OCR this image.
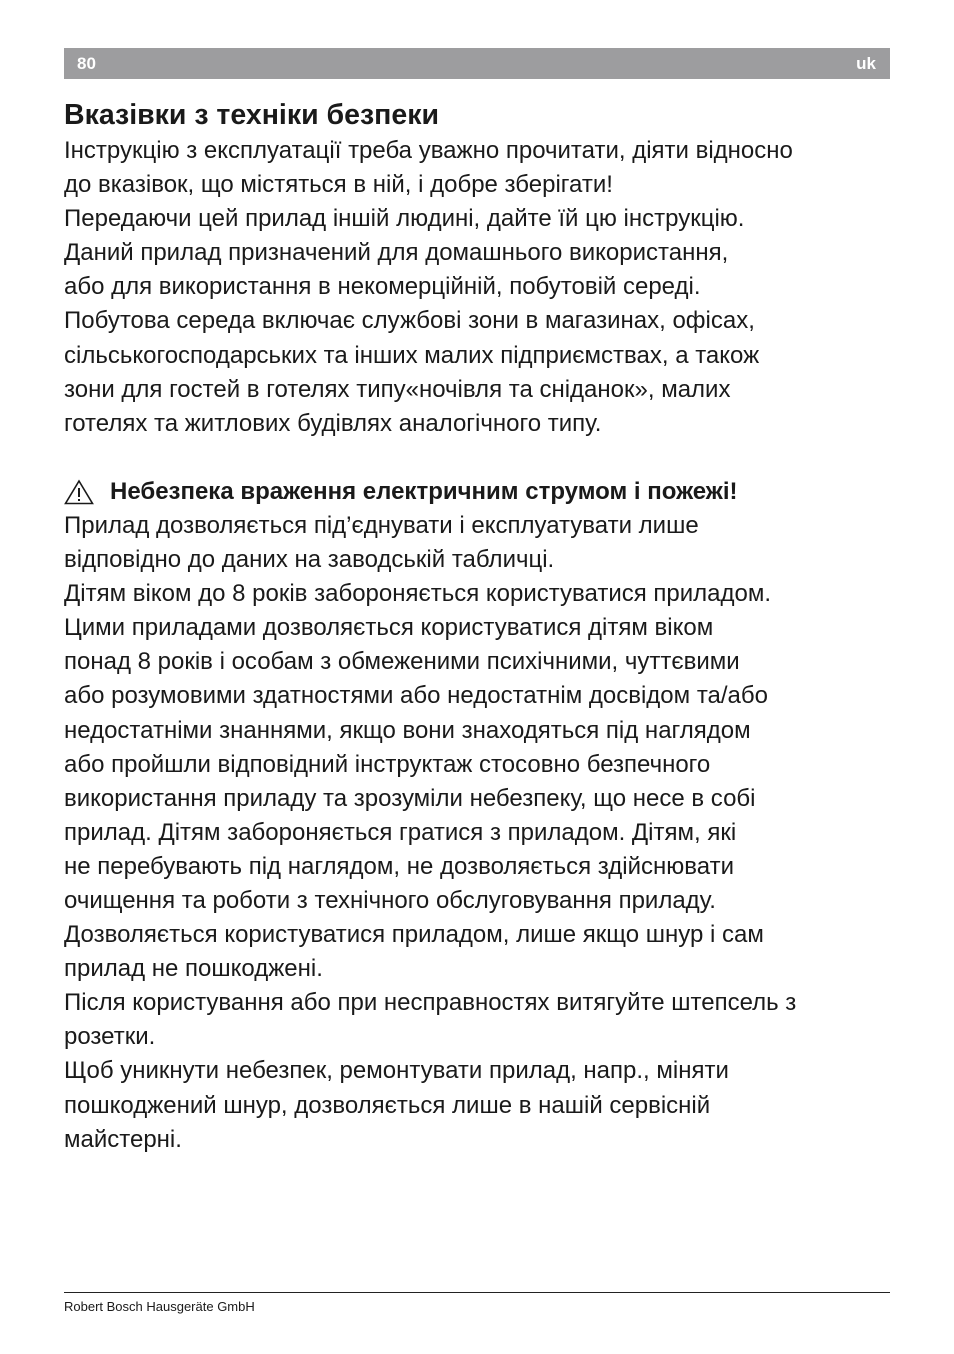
80	uk
Вказівки з техніки безпеки

Інструкцію з експлуатації треба уважно прочитати, діяти відносно
до вказівок, що містяться в ній, і добре зберігати!
Передаючи цей прилад іншій людині, дайте їй цю інструкцію.
Даний прилад призначений для домашнього використання,
або для використання в некомерційній, побутовій середі.
Побутова середа включає службові зони в магазинах, офісах,
сільськогосподарських та інших малих підприємствах, а також
зони для гостей в готелях типу«ночівля та сніданок», малих
готелях та житлових будівлях аналогічного типу.

Небезпека враження електричним струмом і пожежі!

Прилад дозволяється під’єднувати і експлуатувати лише
відповідно до даних на заводській табличці.
Дітям віком до 8 років забороняється користуватися приладом.
Цими приладами дозволяється користуватися дітям віком
понад 8 років і особам з обмеженими психічними, чуттєвими
або розумовими здатностями або недостатнім досвідом та/або
недостатніми знаннями, якщо вони знаходяться під наглядом
або пройшли відповідний інструктаж стосовно безпечного
використання приладу та зрозуміли небезпеку, що несе в собі
прилад. Дітям забороняється гратися з приладом. Дітям, які
не перебувають під наглядом, не дозволяється здійснювати
очищення та роботи з технічного обслуговування приладу.
Дозволяється користуватися приладом, лише якщо шнур і сам
прилад не пошкоджені.
Після користування або при несправностях витягуйте штепсель з
розетки.
Щоб уникнути небезпек, ремонтувати прилад, напр., міняти
пошкоджений шнур, дозволяється лише в нашій сервісній
майстерні.

Robert Bosch Hausgeräte GmbH
